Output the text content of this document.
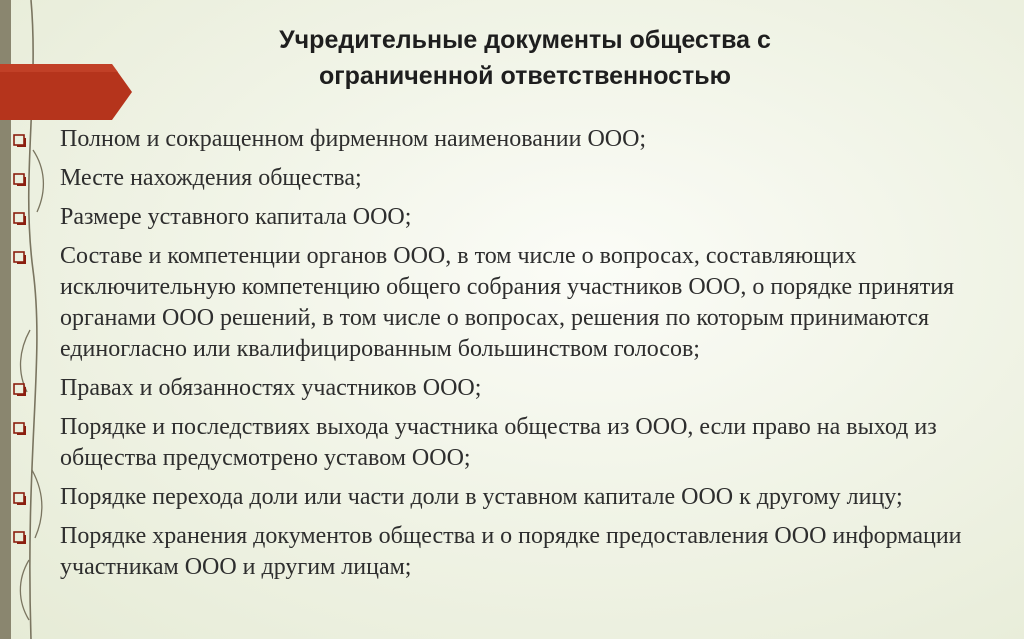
Учредительные документы общества с
ограниченной ответственностью
Полном и сокращенном фирменном наименовании ООО;
Месте нахождения общества;
Размере уставного капитала ООО;
Составе и компетенции органов ООО, в том числе о вопросах, составляющих исключительную компетенцию общего собрания участников ООО, о порядке принятия органами ООО решений, в том числе о вопросах, решения по которым принимаются единогласно или квалифицированным большинством голосов;
Правах и обязанностях участников ООО;
Порядке и последствиях выхода участника общества из ООО, если право на выход из общества предусмотрено уставом ООО;
Порядке перехода доли или части доли в уставном капитале ООО к другому лицу;
Порядке хранения документов общества и о порядке предоставления ООО информации участникам ООО и другим лицам;
